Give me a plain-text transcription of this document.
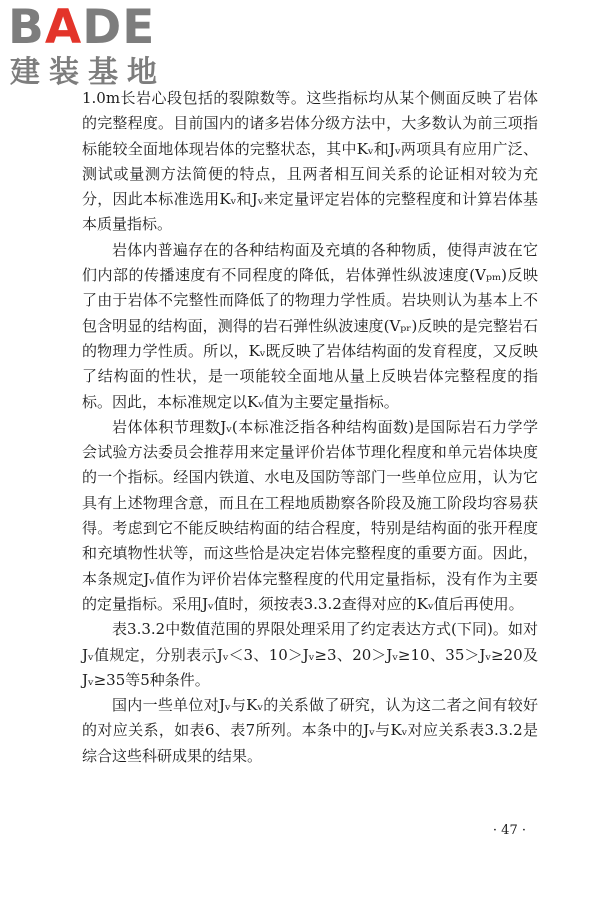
BADE
建装基地

1.0m长岩心段包括的裂隙数等。这些指标均从某个侧面反映了岩体的完整程度。目前国内的诸多岩体分级方法中，大多数认为前三项指标能较全面地体现岩体的完整状态，其中Kᵥ和Jᵥ两项具有应用广泛、测试或量测方法简便的特点，且两者相互间关系的论证相对较为充分，因此本标准选用Kᵥ和Jᵥ来定量评定岩体的完整程度和计算岩体基本质量指标。

岩体内普遍存在的各种结构面及充填的各种物质，使得声波在它们内部的传播速度有不同程度的降低，岩体弹性纵波速度(Vₚₘ)反映了由于岩体不完整性而降低了的物理力学性质。岩块则认为基本上不包含明显的结构面，测得的岩石弹性纵波速度(Vₚᵣ)反映的是完整岩石的物理力学性质。所以，Kᵥ既反映了岩体结构面的发育程度，又反映了结构面的性状，是一项能较全面地从量上反映岩体完整程度的指标。因此，本标准规定以Kᵥ值为主要定量指标。

岩体体积节理数Jᵥ(本标准泛指各种结构面数)是国际岩石力学学会试验方法委员会推荐用来定量评价岩体节理化程度和单元岩体块度的一个指标。经国内铁道、水电及国防等部门一些单位应用，认为它具有上述物理含意，而且在工程地质勘察各阶段及施工阶段均容易获得。考虑到它不能反映结构面的结合程度，特别是结构面的张开程度和充填物性状等，而这些恰是决定岩体完整程度的重要方面。因此，本条规定Jᵥ值作为评价岩体完整程度的代用定量指标，没有作为主要的定量指标。采用Jᵥ值时，须按表3.3.2查得对应的Kᵥ值后再使用。

表3.3.2中数值范围的界限处理采用了约定表达方式(下同)。如对Jᵥ值规定，分别表示Jᵥ＜3、10＞Jᵥ≥3、20＞Jᵥ≥10、35＞Jᵥ≥20及Jᵥ≥35等5种条件。

国内一些单位对Jᵥ与Kᵥ的关系做了研究，认为这二者之间有较好的对应关系，如表6、表7所列。本条中的Jᵥ与Kᵥ对应关系表3.3.2是综合这些科研成果的结果。

· 47 ·
